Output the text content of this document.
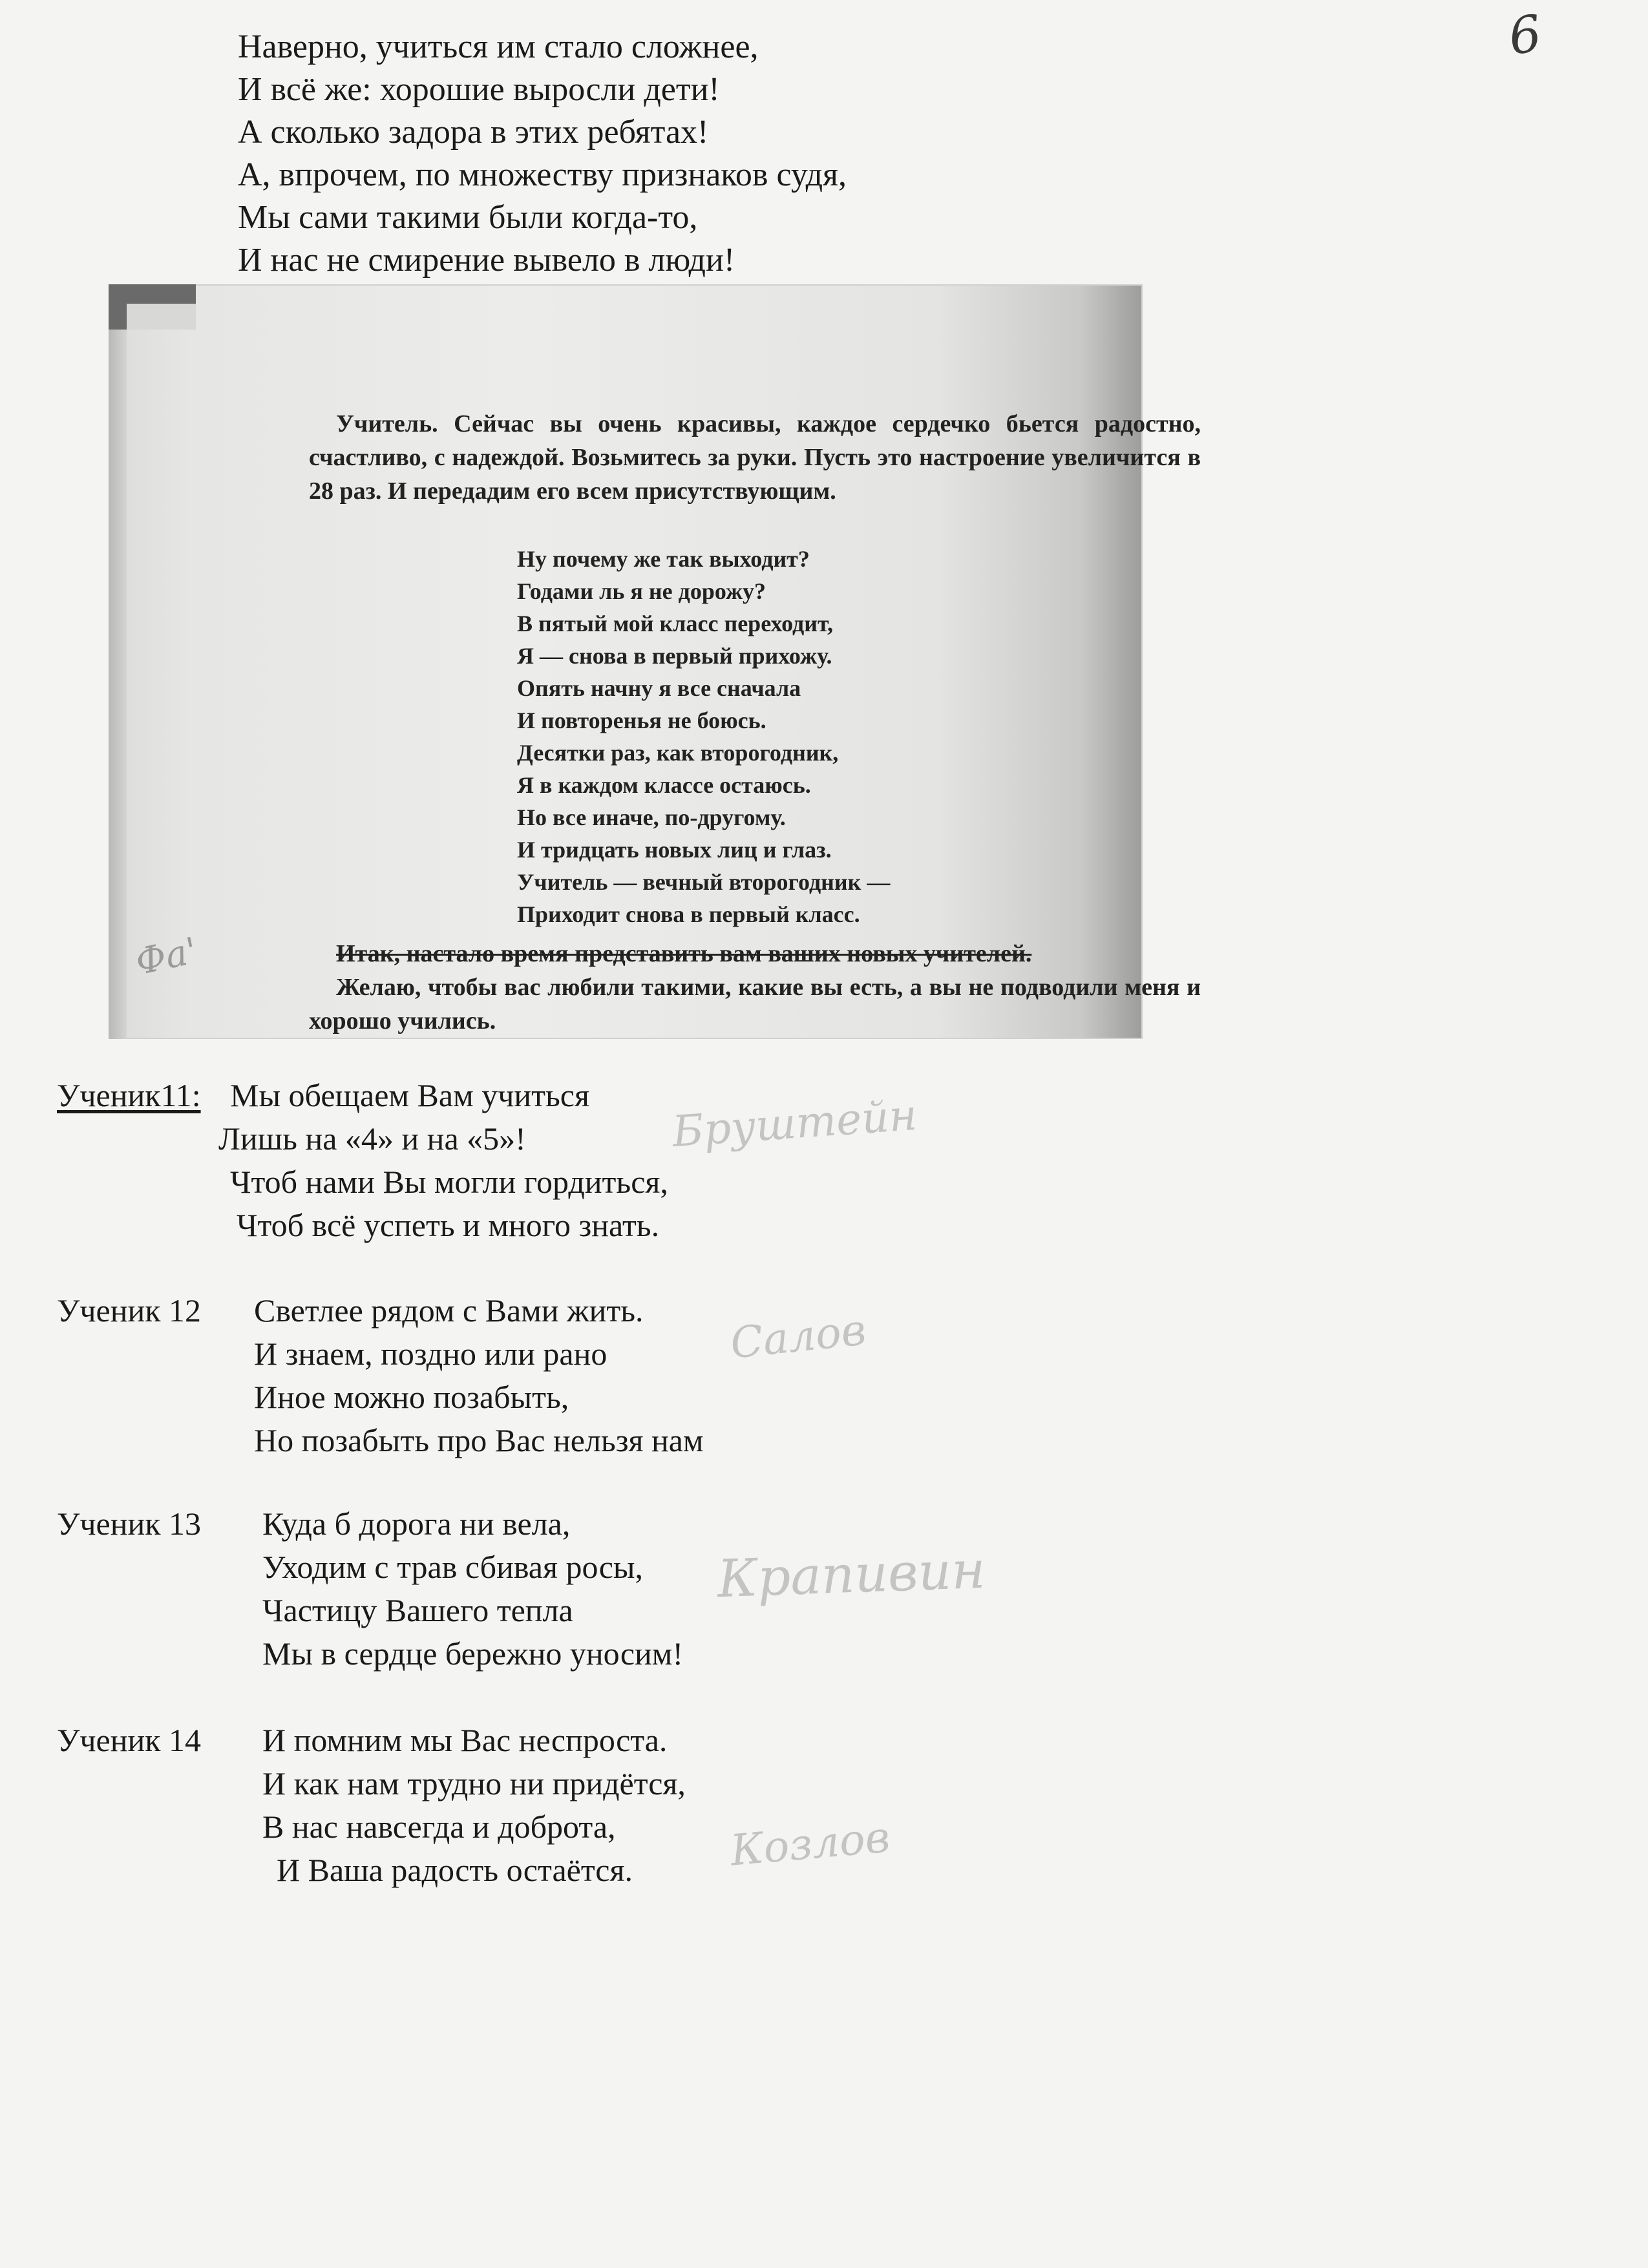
6
Наверно, учиться им стало сложнее,
И всё же: хорошие выросли дети!
А сколько задора в этих ребятах!
А, впрочем, по множеству признаков судя,
Мы сами такими были когда-то,
И нас не смирение вывело в люди!
Учитель. Сейчас вы очень красивы, каждое сердечко бьется радостно, счастливо, с надеждой. Возьмитесь за руки. Пусть это настроение увеличится в 28 раз. И передадим его всем присутствующим.
Ну почему же так выходит?
Годами ль я не дорожу?
В пятый мой класс переходит,
Я — снова в первый прихожу.
Опять начну я все сначала
И повторенья не боюсь.
Десятки раз, как второгодник,
Я в каждом классе остаюсь.
Но все иначе, по-другому.
И тридцать новых лиц и глаз.
Учитель — вечный второгодник —
Приходит снова в первый класс.
Итак, настало время представить вам ваших новых учителей.
Желаю, чтобы вас любили такими, какие вы есть, а вы не подводили меня и хорошо учились.
Фа'
Ученик11: Мы обещаем Вам учиться
Лишь на «4» и на «5»!
Чтоб нами Вы могли гордиться,
Чтоб всё успеть и много знать.
Бруштейн
Ученик 12 Светлее рядом с Вами жить.
И знаем, поздно или рано
Иное можно позабыть,
Но позабыть про Вас нельзя нам
Салов
Ученик 13 Куда б дорога ни вела,
Уходим с трав сбивая росы,
Частицу Вашего тепла
Мы в сердце бережно уносим!
Крапивин
Ученик 14 И помним мы Вас неспроста.
И как нам трудно ни придётся,
В нас навсегда и доброта,
И Ваша радость остаётся. Козлов
